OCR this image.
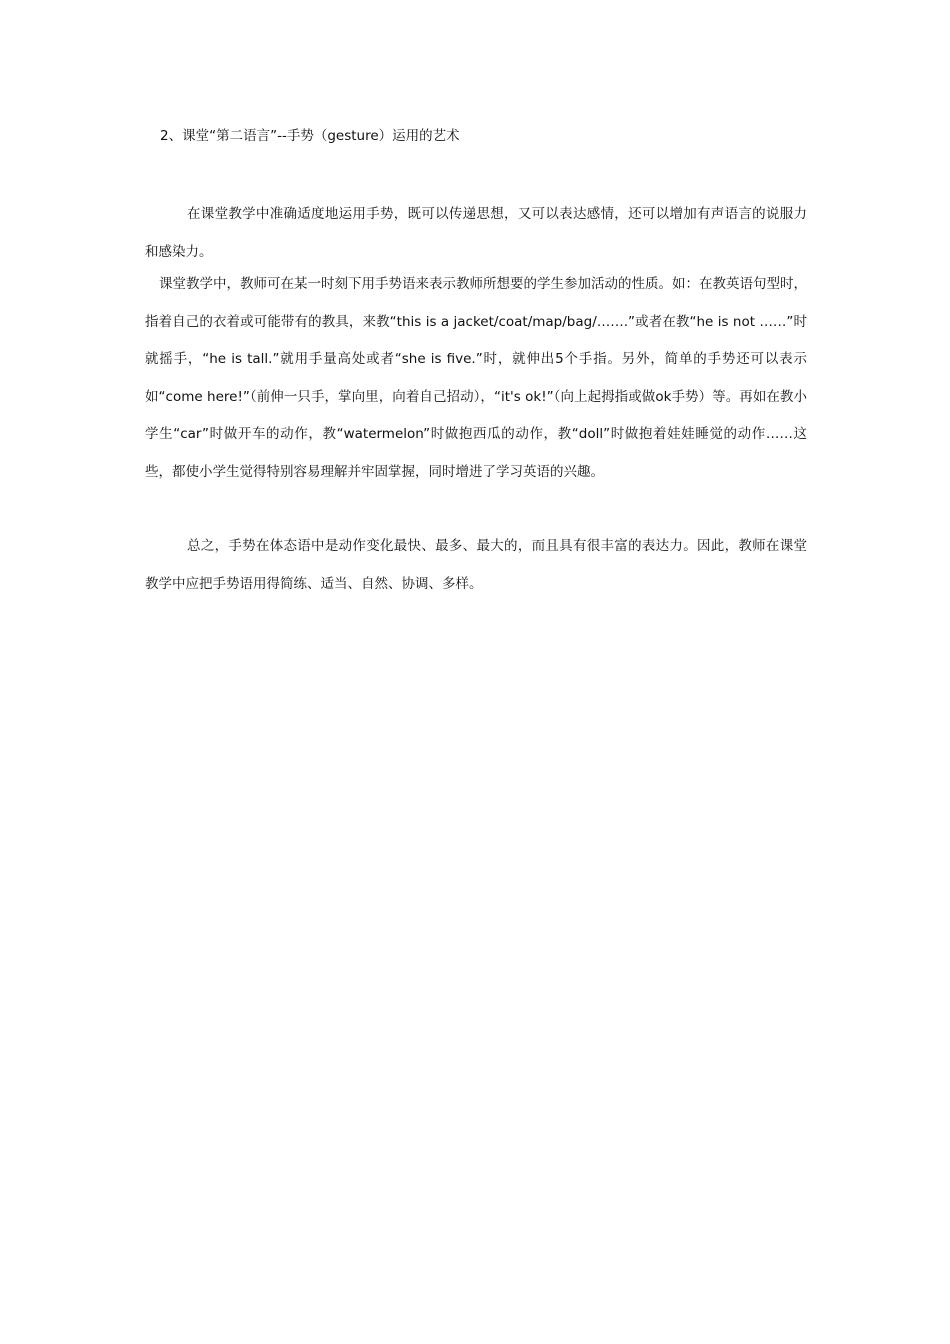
2、课堂“第二语言”--手势（gesture）运用的艺术

在课堂教学中准确适度地运用手势，既可以传递思想，又可以表达感情，还可以增加有声语言的说服力和感染力。

课堂教学中，教师可在某一时刻下用手势语来表示教师所想要的学生参加活动的性质。如：在教英语句型时，指着自己的衣着或可能带有的教具，来教“this is a jacket/coat/map/bag/…….”或者在教“he is not ……”时就摇手，“he is tall.”就用手量高处或者“she is five.”时，就伸出5个手指。另外，简单的手势还可以表示如“come here!”（前伸一只手，掌向里，向着自己招动），“it's ok!”（向上起拇指或做ok手势）等。再如在教小学生“car”时做开车的动作，教“watermelon”时做抱西瓜的动作，教“doll”时做抱着娃娃睡觉的动作……这些，都使小学生觉得特别容易理解并牢固掌握，同时增进了学习英语的兴趣。

总之，手势在体态语中是动作变化最快、最多、最大的，而且具有很丰富的表达力。因此，教师在课堂教学中应把手势语用得简练、适当、自然、协调、多样。
